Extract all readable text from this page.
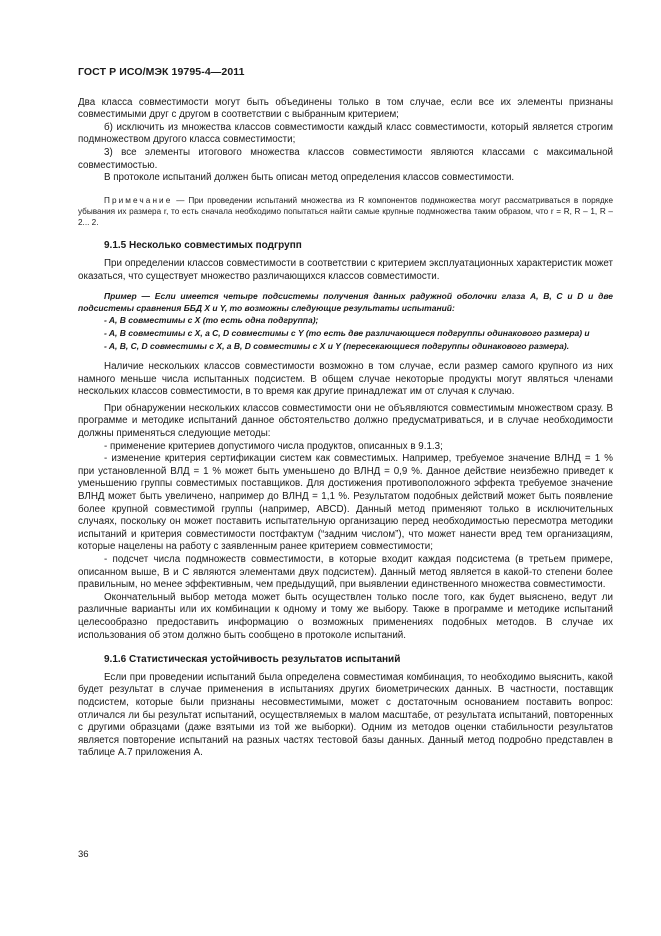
ГОСТ Р ИСО/МЭК 19795-4—2011

Два класса совместимости могут быть объединены только в том случае, если все их элементы признаны совместимыми друг с другом в соответствии с выбранным критерием;

б) исключить из множества классов совместимости каждый класс совместимости, который является строгим подмножеством другого класса совместимости;

3) все элементы итогового множества классов совместимости являются классами с максимальной совместимостью.

В протоколе испытаний должен быть описан метод определения классов совместимости.

Примечание — При проведении испытаний множества из R компонентов подмножества могут рассматриваться в порядке убывания их размера r, то есть сначала необходимо попытаться найти самые крупные подмножества таким образом, что r = R, R – 1, R – 2... 2.

9.1.5 Несколько совместимых подгрупп

При определении классов совместимости в соответствии с критерием эксплуатационных характеристик может оказаться, что существует множество различающихся классов совместимости.

Пример — Если имеется четыре подсистемы получения данных радужной оболочки глаза A, B, C и D и две подсистемы сравнения ББД X и Y, то возможны следующие результаты испытаний:

- A, B совместимы с X (то есть одна подгруппа);

- A, B совместимы с X, а C, D совместимы с Y (то есть две различающиеся подгруппы одинакового размера) и

- A, B, C, D совместимы с X, а B, D совместимы с X и Y (пересекающиеся подгруппы одинакового размера).

Наличие нескольких классов совместимости возможно в том случае, если размер самого крупного из них намного меньше числа испытанных подсистем. В общем случае некоторые продукты могут являться членами нескольких классов совместимости, в то время как другие принадлежат им от случая к случаю.

При обнаружении нескольких классов совместимости они не объявляются совместимым множеством сразу. В программе и методике испытаний данное обстоятельство должно предусматриваться, и в случае необходимости должны применяться следующие методы:

- применение критериев допустимого числа продуктов, описанных в 9.1.3;

- изменение критерия сертификации систем как совместимых. Например, требуемое значение ВЛНД = 1 % при установленной ВЛД = 1 % может быть уменьшено до ВЛНД = 0,9 %. Данное действие неизбежно приведет к уменьшению группы совместимых поставщиков. Для достижения противоположного эффекта требуемое значение ВЛНД может быть увеличено, например до ВЛНД = 1,1 %. Результатом подобных действий может быть появление более крупной совместимой группы (например, ABCD). Данный метод применяют только в исключительных случаях, поскольку он может поставить испытательную организацию перед необходимостью пересмотра методики испытаний и критерия совместимости постфактум (“задним числом”), что может нанести вред тем организациям, которые нацелены на работу с заявленным ранее критерием совместимости;

- подсчет числа подмножеств совместимости, в которые входит каждая подсистема (в третьем примере, описанном выше, B и C являются элементами двух подсистем). Данный метод является в какой-то степени более правильным, но менее эффективным, чем предыдущий, при выявлении единственного множества совместимости.

Окончательный выбор метода может быть осуществлен только после того, как будет выяснено, ведут ли различные варианты или их комбинации к одному и тому же выбору. Также в программе и методике испытаний целесообразно предоставить информацию о возможных применениях подобных методов. В случае их использования об этом должно быть сообщено в протоколе испытаний.

9.1.6 Статистическая устойчивость результатов испытаний

Если при проведении испытаний была определена совместимая комбинация, то необходимо выяснить, какой будет результат в случае применения в испытаниях других биометрических данных. В частности, поставщик подсистем, которые были признаны несовместимыми, может с достаточным основанием поставить вопрос: отличался ли бы результат испытаний, осуществляемых в малом масштабе, от результата испытаний, повторенных с другими образцами (даже взятыми из той же выборки). Одним из методов оценки стабильности результатов является повторение испытаний на разных частях тестовой базы данных. Данный метод подробно представлен в таблице А.7 приложения А.

36
